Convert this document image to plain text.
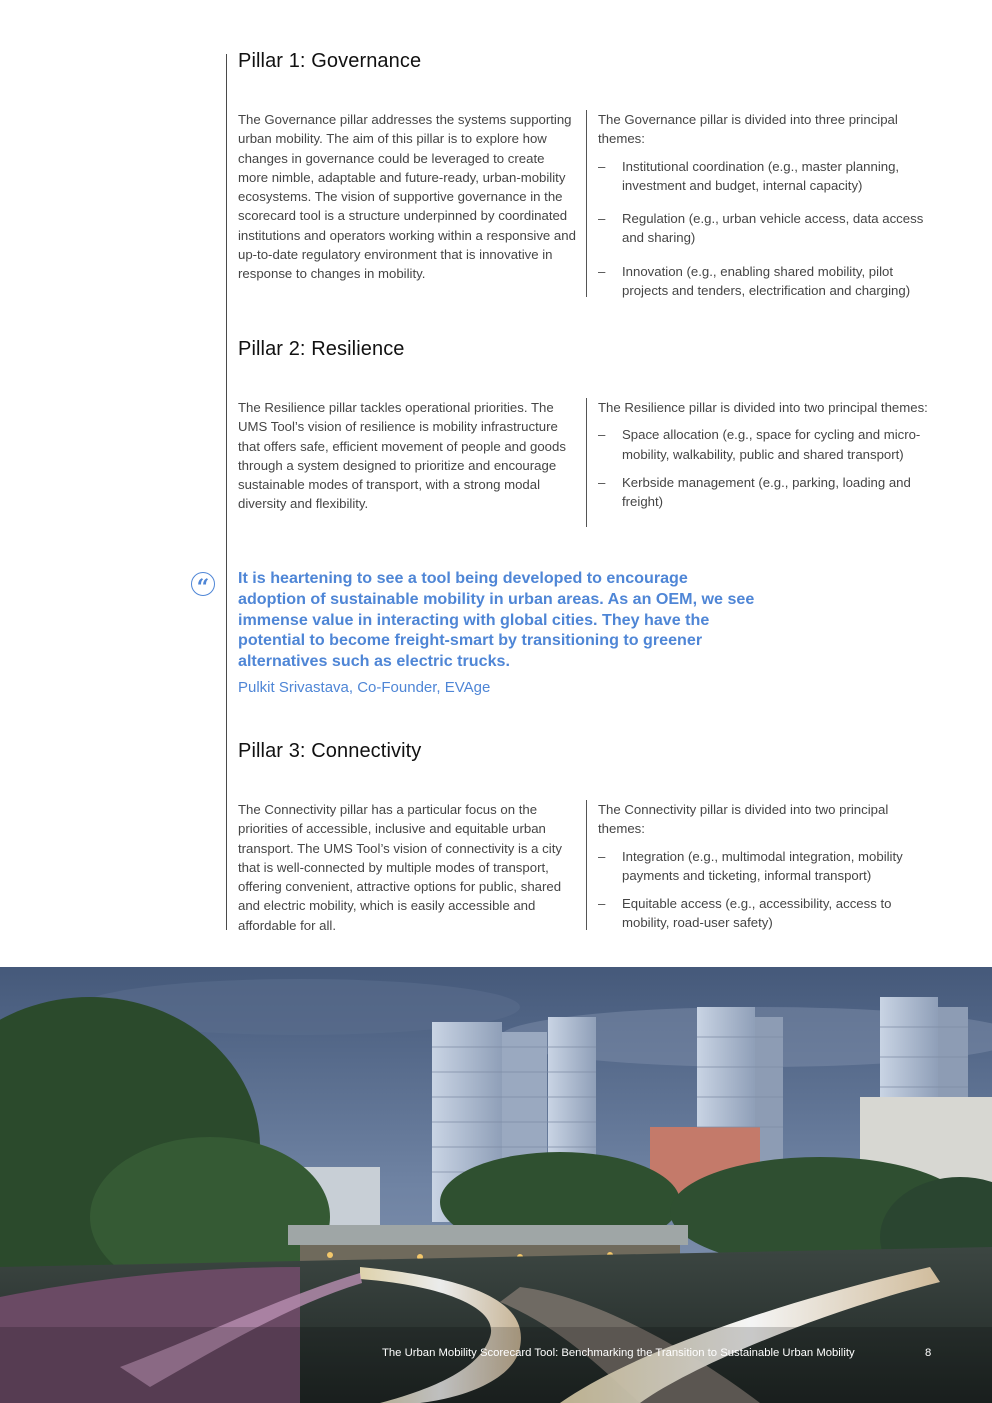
Pillar 1: Governance

The Governance pillar addresses the systems supporting urban mobility. The aim of this pillar is to explore how changes in governance could be leveraged to create more nimble, adaptable and future-ready, urban-mobility ecosystems. The vision of supportive governance in the scorecard tool is a structure underpinned by coordinated institutions and operators working within a responsive and up-to-date regulatory environment that is innovative in response to changes in mobility.

The Governance pillar is divided into three principal themes:

– Institutional coordination (e.g., master planning, investment and budget, internal capacity)
– Regulation (e.g., urban vehicle access, data access and sharing)
– Innovation (e.g., enabling shared mobility, pilot projects and tenders, electrification and charging)
Pillar 2: Resilience

The Resilience pillar tackles operational priorities. The UMS Tool’s vision of resilience is mobility infrastructure that offers safe, efficient movement of people and goods through a system designed to prioritize and encourage sustainable modes of transport, with a strong modal diversity and flexibility.

The Resilience pillar is divided into two principal themes:

– Space allocation (e.g., space for cycling and micro-mobility, walkability, public and shared transport)
– Kerbside management (e.g., parking, loading and freight)
“	It is heartening to see a tool being developed to encourage adoption of sustainable mobility in urban areas. As an OEM, we see immense value in interacting with global cities. They have the potential to become freight-smart by transitioning to greener alternatives such as electric trucks.

Pulkit Srivastava, Co-Founder, EVAge

Pillar 3: Connectivity

The Connectivity pillar has a particular focus on the priorities of accessible, inclusive and equitable urban transport. The UMS Tool’s vision of connectivity is a city that is well-connected by multiple modes of transport, offering convenient, attractive options for public, shared and electric mobility, which is easily accessible and affordable for all.

The Connectivity pillar is divided into two principal themes:

– Integration (e.g., multimodal integration, mobility payments and ticketing, informal transport)
– Equitable access (e.g., accessibility, access to mobility, road-user safety)
The Urban Mobility Scorecard Tool: Benchmarking the Transition to Sustainable Urban Mobility	8
